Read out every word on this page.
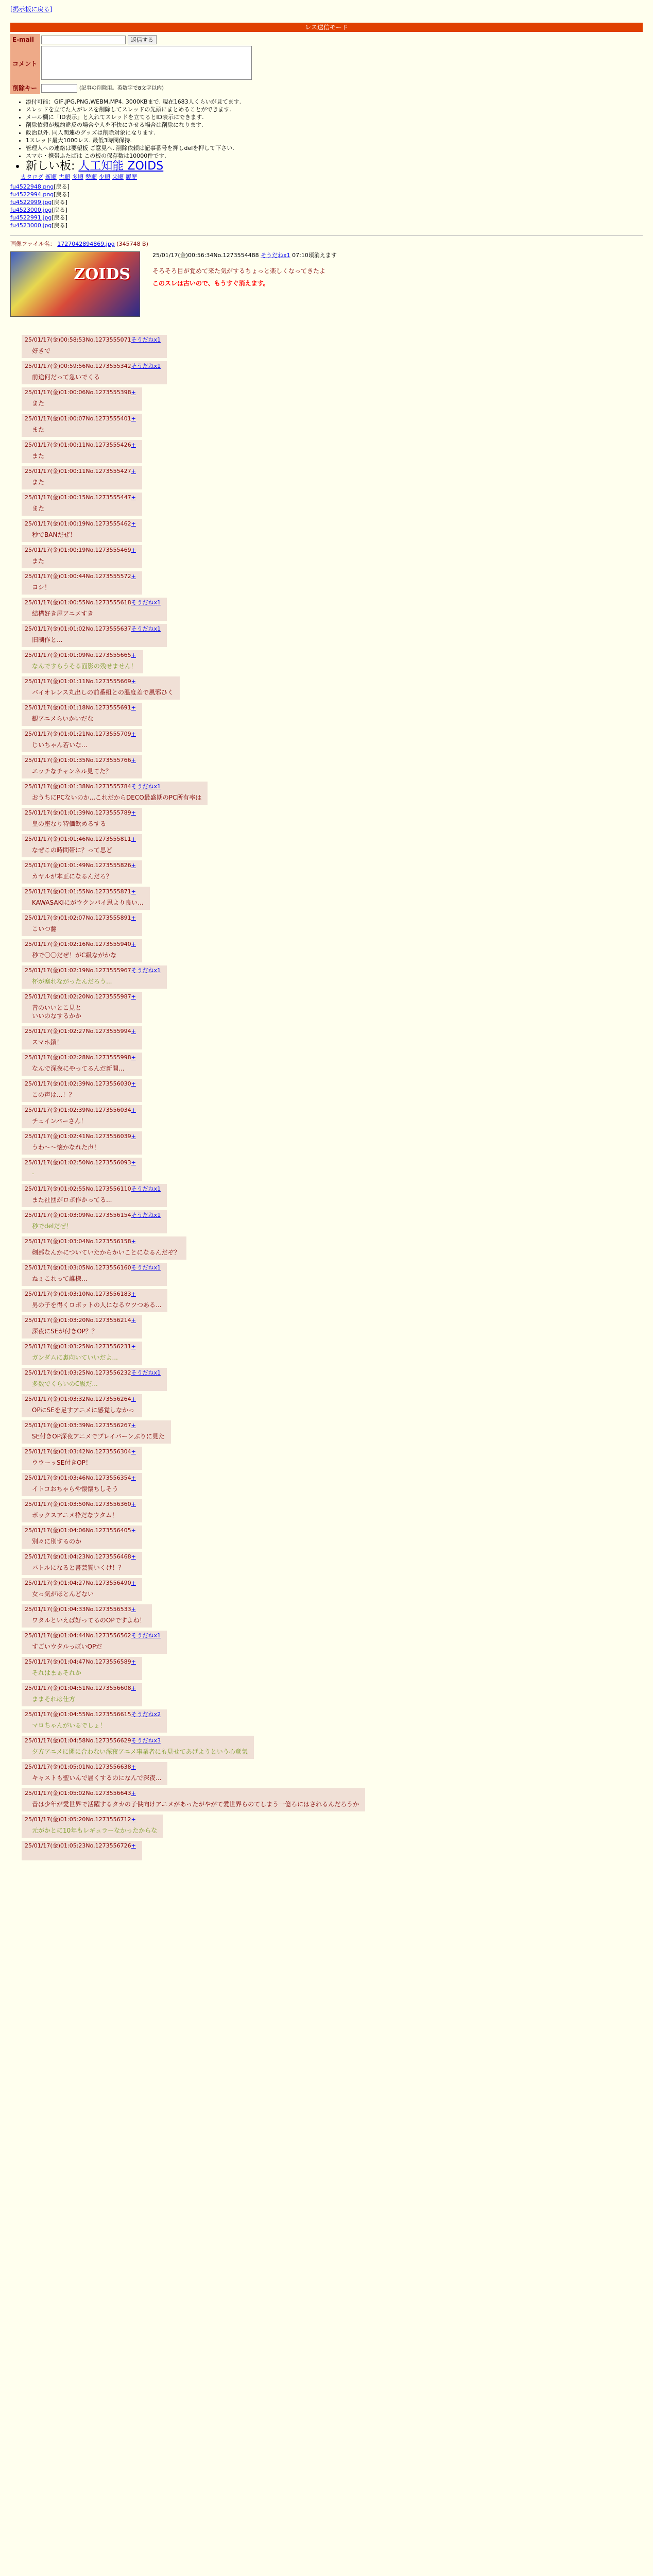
[掲示板に戻る]
レス送信モード
E-mail	返信する
コメント	
削除キー	(記事の削除用。英数字で8文字以内)
• 添付可能：GIF,JPG,PNG,WEBM,MP4. 3000KBまで. 現在1683人くらいが見てます.
• スレッドを立てた人がレスを削除してスレッドの先頭にまとめることができます.
• メール欄に「ID表示」と入れてスレッドを立てるとID表示にできます.
• 削除依頼が規約違反の場合や人を不快にさせる場合は削除になります.
• 政治以外. 同人関連のグッズは削除対象になります.
• 1スレッド最大1000レス. 最低3時間保持.
• 管理人への連絡は要望板 ご意見へ. 削除依頼は記事番号を押しdelを押して下さい.
• スマホ・携帯ふたばは この板の保存数は10000件です.
• 新しい板: 人工知能 ZOIDS
カタログ 新順 古順 多順 勢順 少順 来順 履歴
fu4522948.png[戻る]
fu4522994.png[戻る]
fu4522999.jpg[戻る]
fu4523000.jpg[戻る]
fu4522991.jpg[戻る]
fu4523000.jpg[戻る]
画像ファイル名： 1727042894869.jpg (345748 B)
ZOIDS
25/01/17(金)00:56:34No.1273554488 そうだねx1 07:10頃消えます
そろそろ目が覚めて来た気がするちょっと楽しくなってきたよ
このスレは古いので、もうすぐ消えます。
25/01/17(金)00:58:53No.1273555071そうだねx1
好きで
25/01/17(金)00:59:56No.1273555342そうだねx1
前途何だって急いでくる
25/01/17(金)01:00:06No.1273555398+
また
25/01/17(金)01:00:07No.1273555401+
また
25/01/17(金)01:00:11No.1273555426+
また
25/01/17(金)01:00:11No.1273555427+
また
25/01/17(金)01:00:15No.1273555447+
また
25/01/17(金)01:00:19No.1273555462+
秒でBANだぜ！
25/01/17(金)01:00:19No.1273555469+
また
25/01/17(金)01:00:44No.1273555572+
ヨシ！
25/01/17(金)01:00:55No.1273555618そうだねx1
結構好き屋アニメすき
25/01/17(金)01:01:02No.1273555637そうだねx1
旧制作と...
25/01/17(金)01:01:09No.1273555665+
なんですらうそる面影の残せません！
25/01/17(金)01:01:11No.1273555669+
バイオレンス丸出しの前番組との温度差で風邪ひく
25/01/17(金)01:01:18No.1273555691+
観アニメらいかいだな
25/01/17(金)01:01:21No.1273555709+
じいちゃん若いな...
25/01/17(金)01:01:35No.1273555766+
エッチなチャンネル見てた？
25/01/17(金)01:01:38No.1273555784そうだねx1
おうちにPCないのか...これだからDECO最盛期のPC所有率は
25/01/17(金)01:01:39No.1273555789+
皇の座なり特価飲めるする
25/01/17(金)01:01:46No.1273555811+
なぜこの時間帯に？って思ど
25/01/17(金)01:01:49No.1273555826+
カヤルが本正になるんだろ？
25/01/17(金)01:01:55No.1273555871+
KAWASAKIにがウクンパイ思より良い...
25/01/17(金)01:02:07No.1273555891+
こいつ翻
25/01/17(金)01:02:16No.1273555940+
秒で〇〇だぜ！がC級ながかな
25/01/17(金)01:02:19No.1273555967そうだねx1
杯が塞れながったんだろう...
25/01/17(金)01:02:20No.1273555987+
昔のいいとこ見と
いいのなするかか
25/01/17(金)01:02:27No.1273555994+
スマホ鎖！
25/01/17(金)01:02:28No.1273555998+
なんで深夜にやってるんだ新開...
25/01/17(金)01:02:39No.1273556030+
この声は...！？
25/01/17(金)01:02:39No.1273556034+
チェインバーさん！
25/01/17(金)01:02:41No.1273556039+
うわ～～懐かなれた声！
25/01/17(金)01:02:50No.1273556093+
-
25/01/17(金)01:02:55No.1273556110そうだねx1
また社団がロボ作かってる...
25/01/17(金)01:03:09No.1273556154そうだねx1
秒でdelだぜ！
25/01/17(金)01:03:04No.1273556158+
剣部なんかについていたからかいことになるんだぞ？
25/01/17(金)01:03:05No.1273556160そうだねx1
ねぇこれって誰様...
25/01/17(金)01:03:10No.1273556183+
男の子を得くロボットの人になるウツつある...
25/01/17(金)01:03:20No.1273556214+
深夜にSEが付きOP？？
25/01/17(金)01:03:25No.1273556231+
ガンダムに裏向いていいだよ...
25/01/17(金)01:03:25No.1273556232そうだねx1
多数でくらいのC級だ...
25/01/17(金)01:03:32No.1273556264+
OPにSEを足すアニメに感覚しなかっ
25/01/17(金)01:03:39No.1273556267+
SE付きOP深夜アニメでブレイバーンぶりに見た
25/01/17(金)01:03:42No.1273556304+
ウウーッSE付きOP！
25/01/17(金)01:03:46No.1273556354+
イトコおちゃらや懐懐ちしそう
25/01/17(金)01:03:50No.1273556360+
ボックスアニメ枠だなウタム！
25/01/17(金)01:04:06No.1273556405+
別々に別するのか
25/01/17(金)01:04:23No.1273556468+
バトルになると書芸質いくけ！？
25/01/17(金)01:04:27No.1273556490+
女っ気がほとんどない
25/01/17(金)01:04:33No.1273556533+
ワタルといえば好ってるのOPですよね！
25/01/17(金)01:04:44No.1273556562そうだねx1
すごいウタルっぽいOPだ
25/01/17(金)01:04:47No.1273556589+
それはまぁそれか
25/01/17(金)01:04:51No.1273556608+
ままそれは仕方
25/01/17(金)01:04:55No.1273556615そうだねx2
マロちゃんがいるでしょ！
25/01/17(金)01:04:58No.1273556629そうだねx3
夕方アニメに関に合わない深夜アニメ事業者にも見せてあげようという心意気
25/01/17(金)01:05:01No.1273556638+
キャストも聖いんで届くするのになんで深夜...
25/01/17(金)01:05:02No.1273556643+
昔は少年が愛世界で活躍するタカの子供向けアニメがあったがやがて愛世界らのてしまう一億ろにはされるんだろうか
25/01/17(金)01:05:20No.1273556712+
元がかとに10年もレギュラーなかったからな
25/01/17(金)01:05:23No.1273556726+
